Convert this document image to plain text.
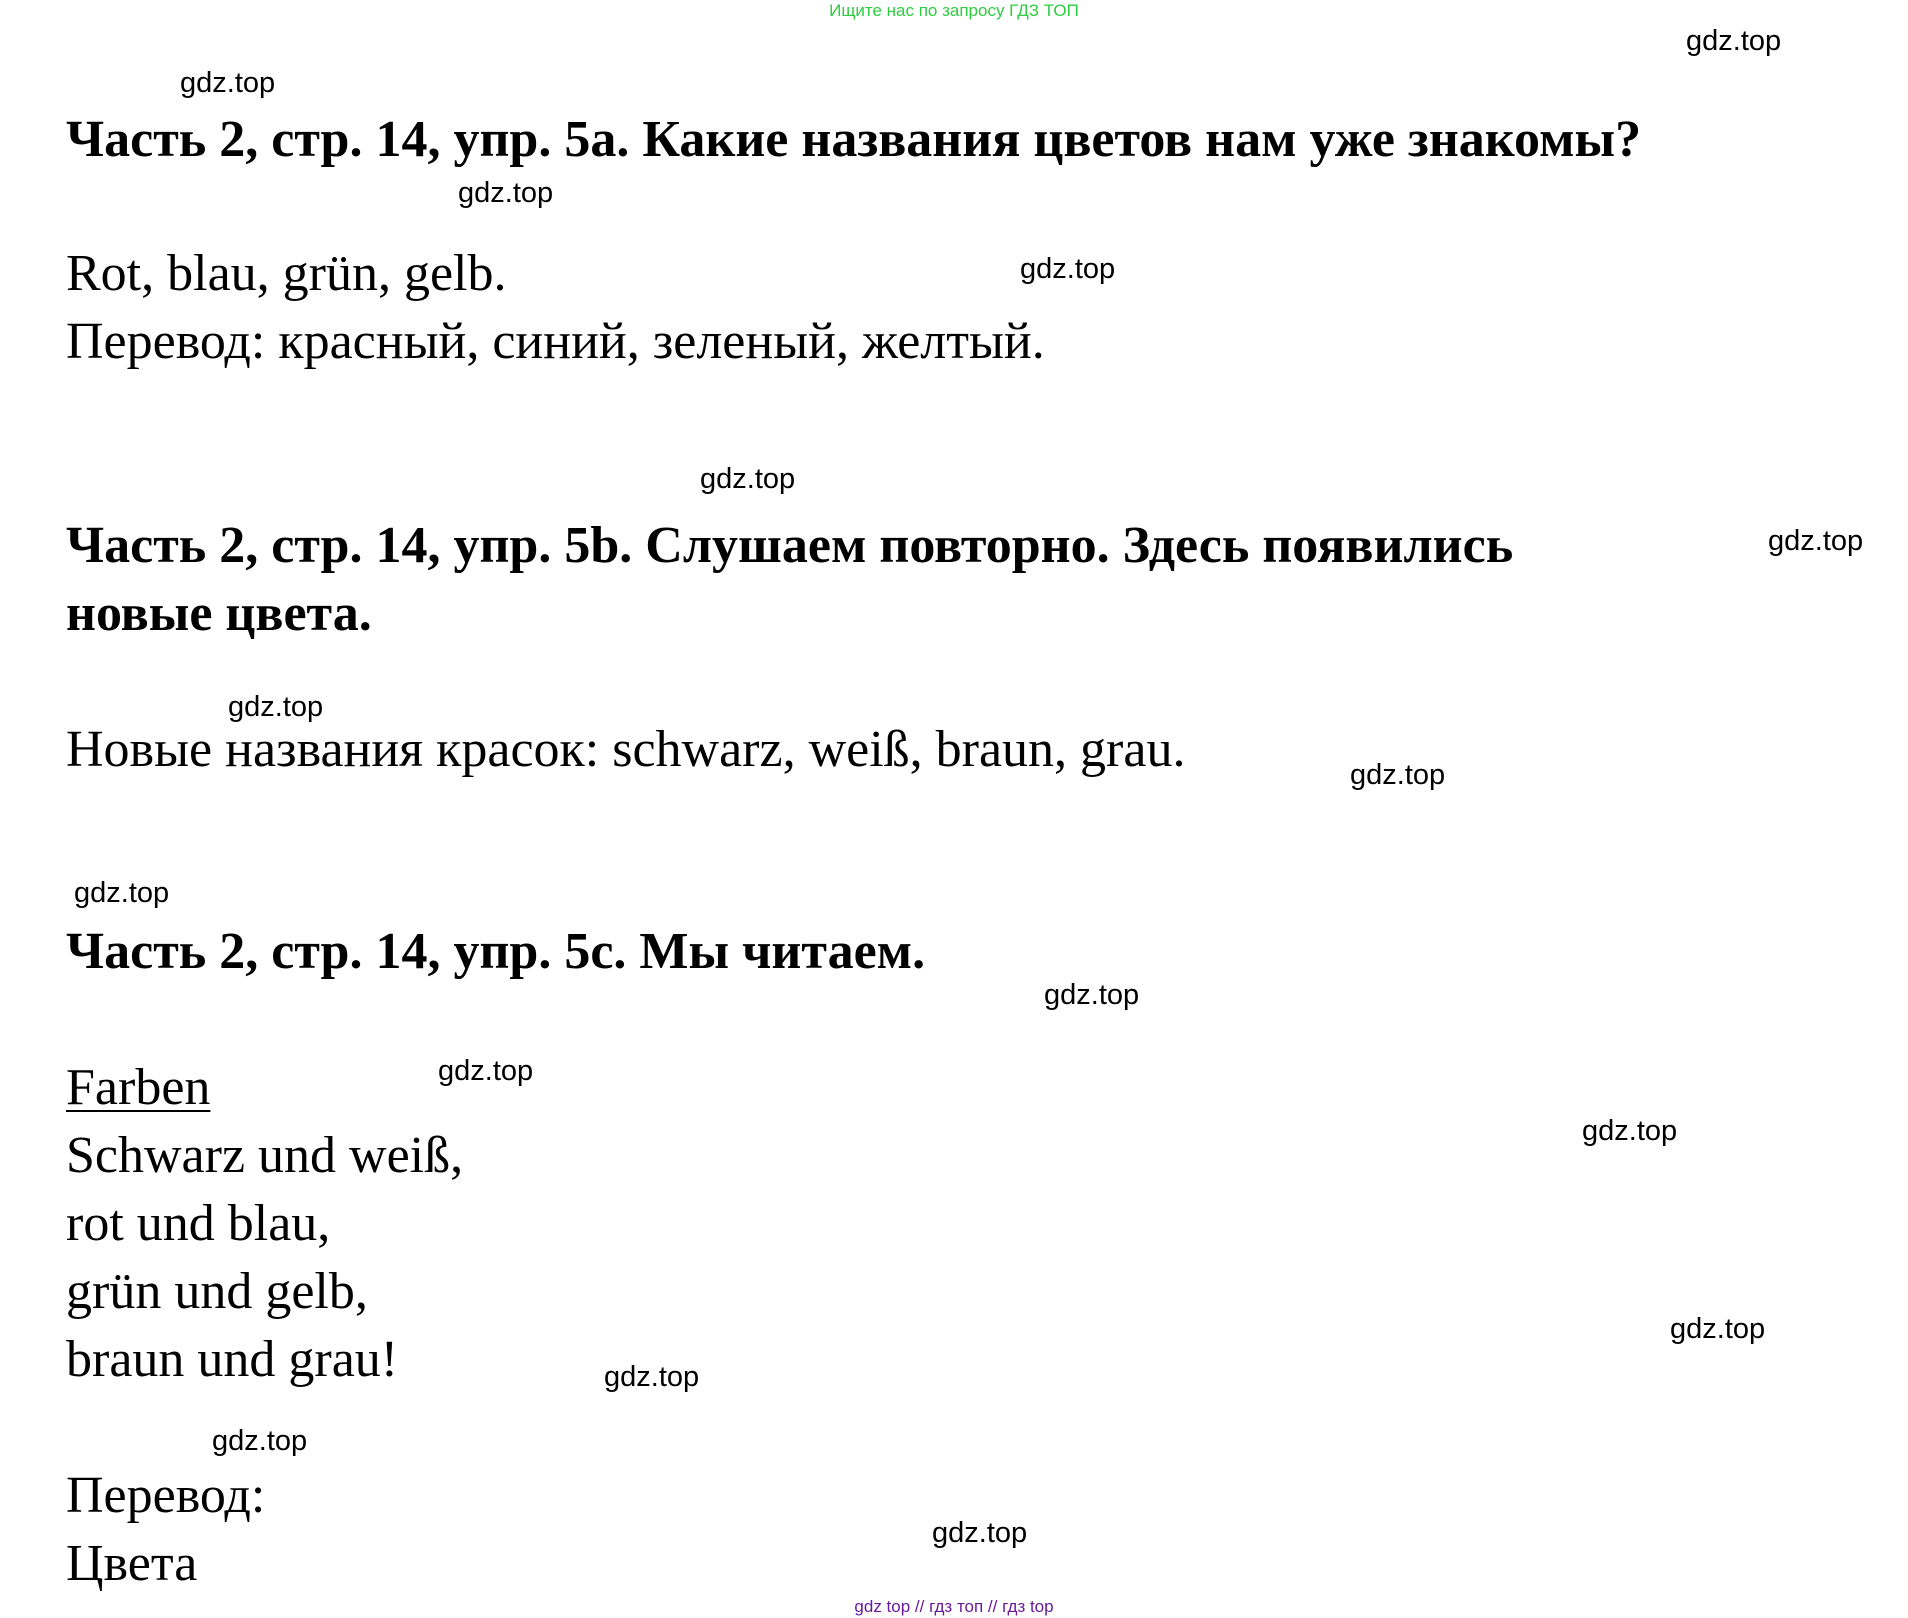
Ищите нас по запросу ГДЗ ТОП
Часть 2, стр. 14, упр. 5а. Какие названия цветов нам уже знакомы?

Rot, blau, grün, gelb.

Перевод: красный, синий, зеленый, желтый.

Часть 2, стр. 14, упр. 5b. Слушаем повторно. Здесь появились
новые цвета.

Новые названия красок: schwarz, weiß, braun, grau.

Часть 2, стр. 14, упр. 5с. Мы читаем.

Farben

Schwarz und weiß,

rot und blau,

grün und gelb,

braun und grau!

Перевод:

Цвета

gdz.top
gdz.top
gdz.top
gdz.top
gdz.top
gdz.top
gdz.top
gdz.top
gdz.top
gdz.top
gdz.top
gdz.top
gdz.top
gdz.top
gdz.top
gdz.top
gdz top // гдз топ // гдз top
